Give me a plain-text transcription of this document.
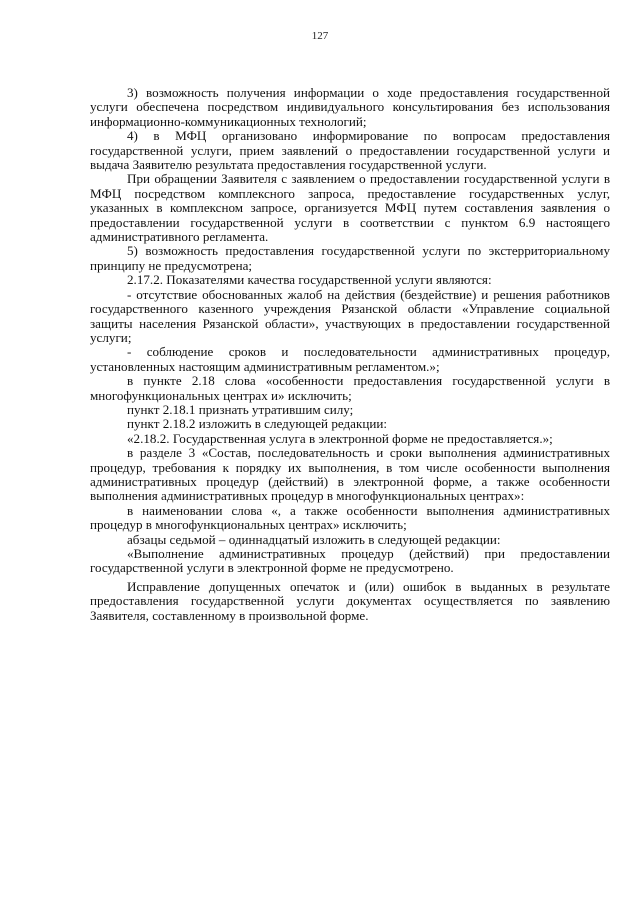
127

3) возможность получения информации о ходе предоставления государственной услуги обеспечена посредством индивидуального консультирования без использования информационно-коммуникационных технологий;

4) в МФЦ организовано информирование по вопросам предоставления государственной услуги, прием заявлений о предоставлении государственной услуги и выдача Заявителю результата предоставления государственной услуги.

При обращении Заявителя с заявлением о предоставлении государственной услуги в МФЦ посредством комплексного запроса, предоставление государственных услуг, указанных в комплексном запросе, организуется МФЦ путем составления заявления о предоставлении государственной услуги в соответствии с пунктом 6.9 настоящего административного регламента.

5) возможность предоставления государственной услуги по экстерриториальному принципу не предусмотрена;

2.17.2. Показателями качества государственной услуги являются:

- отсутствие обоснованных жалоб на действия (бездействие) и решения работников государственного казенного учреждения Рязанской области «Управление социальной защиты населения Рязанской области», участвующих в предоставлении государственной услуги;

- соблюдение сроков и последовательности административных процедур, установленных настоящим административным регламентом.»;

в пункте 2.18 слова «особенности предоставления государственной услуги в многофункциональных центрах и» исключить;

пункт 2.18.1 признать утратившим силу;

пункт 2.18.2 изложить в следующей редакции:

«2.18.2. Государственная услуга в электронной форме не предоставляется.»;

в разделе 3 «Состав, последовательность и сроки выполнения административных процедур, требования к порядку их выполнения, в том числе особенности выполнения административных процедур (действий) в электронной форме, а также особенности выполнения административных процедур в многофункциональных центрах»:

в наименовании слова «, а также особенности выполнения административных процедур в многофункциональных центрах» исключить;

абзацы седьмой – одиннадцатый изложить в следующей редакции:

«Выполнение административных процедур (действий) при предоставлении государственной услуги в электронной форме не предусмотрено.

Исправление допущенных опечаток и (или) ошибок в выданных в результате предоставления государственной услуги документах осуществляется по заявлению Заявителя, составленному в произвольной форме.
